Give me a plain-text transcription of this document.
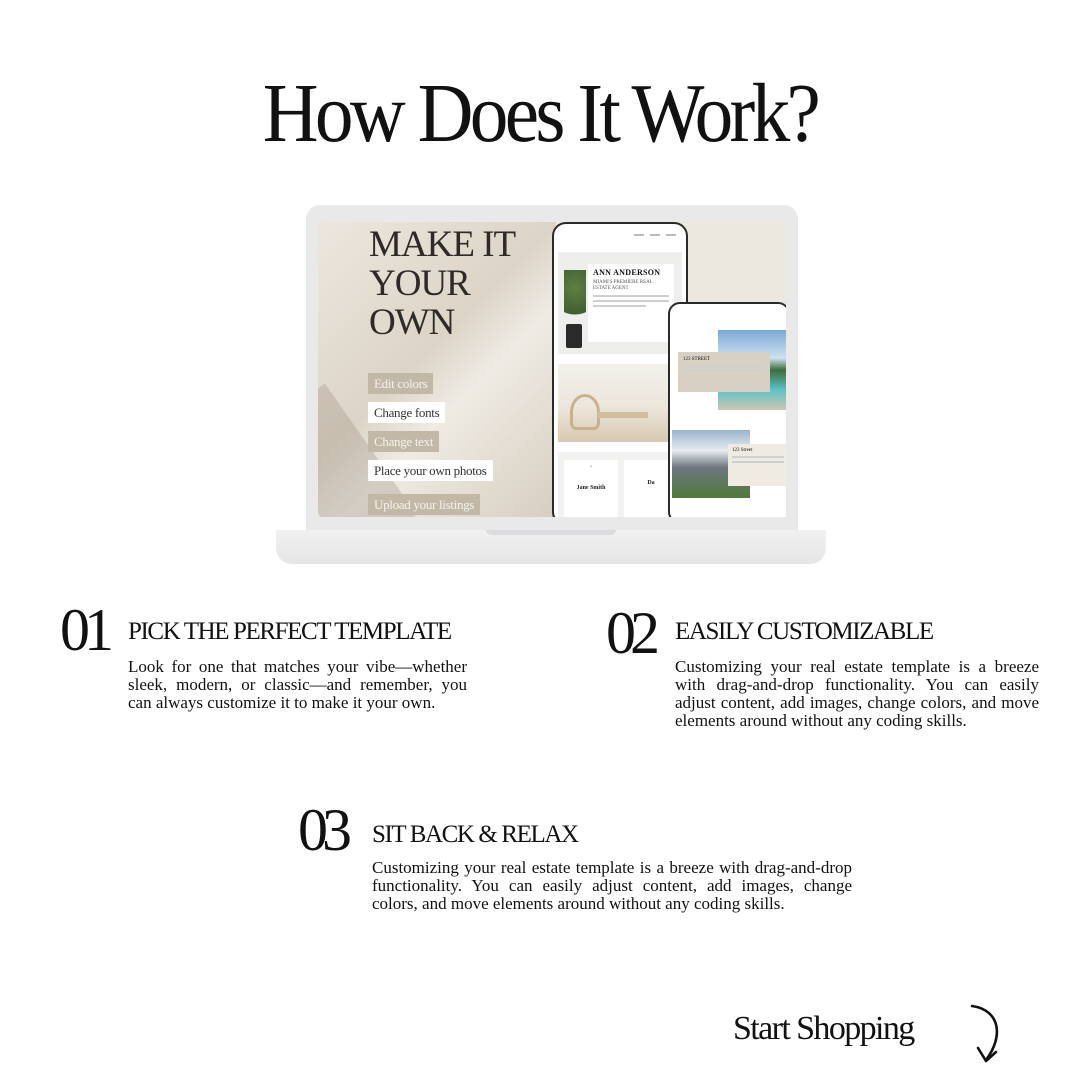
How Does It Work?
MAKE IT YOUR OWN
Edit colors
Change fonts
Change text
Place your own photos
Upload your listings
ANN ANDERSON
MIAMI'S PREMIERE REAL ESTATE AGENT
“
Jane Smith
Da
123 STREET
123 Street
01 PICK THE PERFECT TEMPLATE

Look for one that matches your vibe—whether sleek, modern, or classic—and remember, you can always customize it to make it your own.

02 EASILY CUSTOMIZABLE

Customizing your real estate template is a breeze with drag-and-drop functionality. You can easily adjust content, add images, change colors, and move elements around without any coding skills.

03 SIT BACK & RELAX

Customizing your real estate template is a breeze with drag-and-drop functionality. You can easily adjust content, add images, change colors, and move elements around without any coding skills.

Start Shopping
